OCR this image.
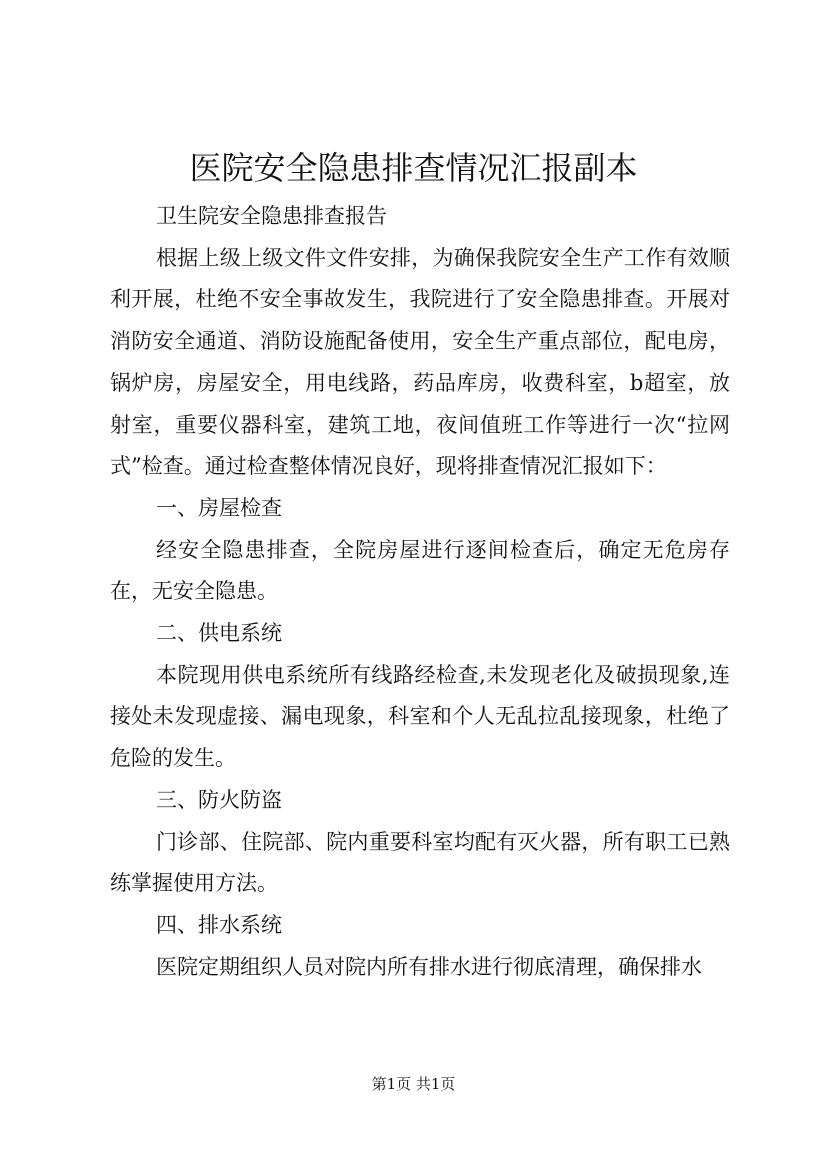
医院安全隐患排查情况汇报副本

卫生院安全隐患排查报告

根据上级上级文件文件安排，为确保我院安全生产工作有效顺利开展，杜绝不安全事故发生，我院进行了安全隐患排查。开展对消防安全通道、消防设施配备使用，安全生产重点部位，配电房，锅炉房，房屋安全，用电线路，药品库房，收费科室，b超室，放射室，重要仪器科室，建筑工地，夜间值班工作等进行一次“拉网式”检查。通过检查整体情况良好，现将排查情况汇报如下：

一、房屋检查

经安全隐患排查，全院房屋进行逐间检查后，确定无危房存在，无安全隐患。

二、供电系统

本院现用供电系统所有线路经检查,未发现老化及破损现象,连接处未发现虚接、漏电现象，科室和个人无乱拉乱接现象，杜绝了危险的发生。

三、防火防盗

门诊部、住院部、院内重要科室均配有灭火器，所有职工已熟练掌握使用方法。

四、排水系统

医院定期组织人员对院内所有排水进行彻底清理，确保排水

第1页 共1页
